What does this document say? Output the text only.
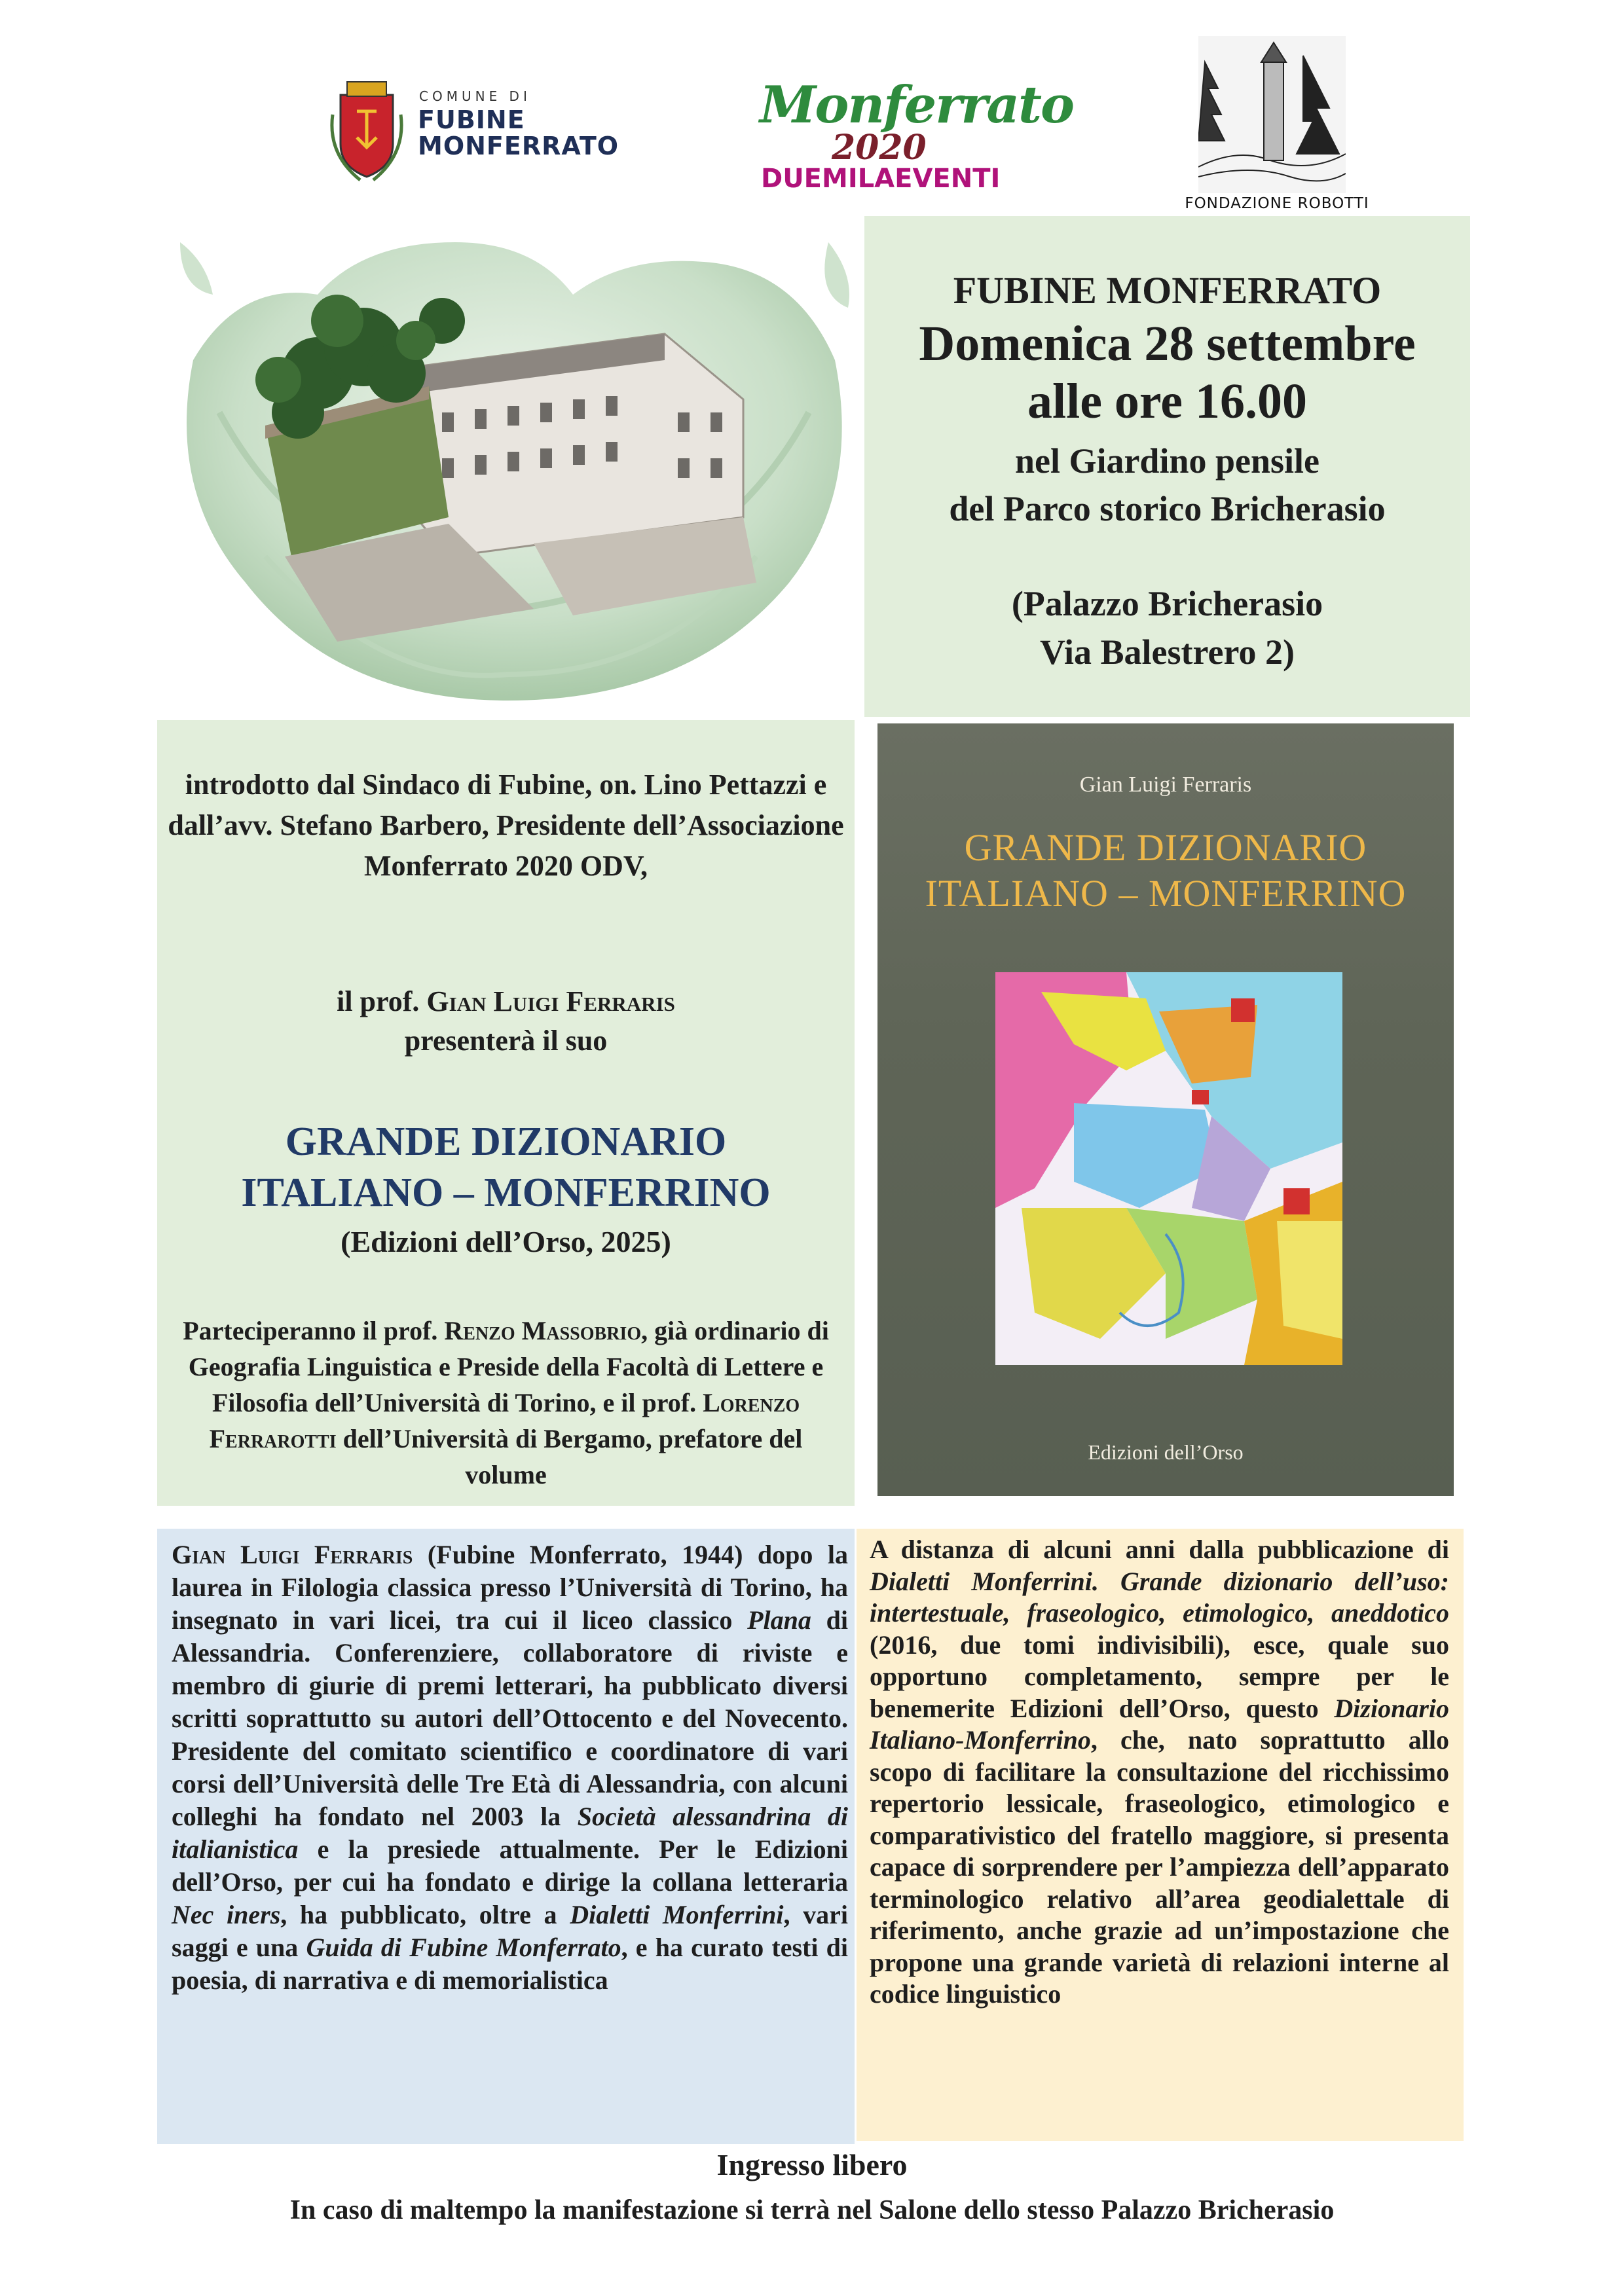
COMUNE DI
FUBINE
MONFERRATO
Monferrato
2020
DUEMILAEVENTI
FONDAZIONE ROBOTTI
FUBINE MONFERRATO
Domenica 28 settembre
alle ore 16.00
nel Giardino pensile
del Parco storico Bricherasio
(Palazzo Bricherasio
Via Balestrero 2)
introdotto dal Sindaco di Fubine, on. Lino Pettazzi e dall’avv. Stefano Barbero, Presidente dell’Associazione Monferrato 2020 ODV,
il prof. Gian Luigi Ferraris
presenterà il suo
GRANDE DIZIONARIO
ITALIANO – MONFERRINO
(Edizioni dell’Orso, 2025)
Parteciperanno il prof. Renzo Massobrio, già ordinario di Geografia Linguistica e Preside della Facoltà di Lettere e Filosofia dell’Università di Torino, e il prof. Lorenzo Ferrarotti dell’Università di Bergamo, prefatore del volume
Gian Luigi Ferraris
GRANDE DIZIONARIO
ITALIANO – MONFERRINO
Edizioni dell’Orso
Gian Luigi Ferraris (Fubine Monferrato, 1944) dopo la laurea in Filologia classica presso l’Università di Torino, ha insegnato in vari licei, tra cui il liceo classico Plana di Alessandria. Conferenziere, collaboratore di riviste e membro di giurie di premi letterari, ha pubblicato diversi scritti soprattutto su autori dell’Ottocento e del Novecento. Presidente del comitato scientifico e coordinatore di vari corsi dell’Università delle Tre Età di Alessandria, con alcuni colleghi ha fondato nel 2003 la Società alessandrina di italianistica e la presiede attualmente. Per le Edizioni dell’Orso, per cui ha fondato e dirige la collana letteraria Nec iners, ha pubblicato, oltre a Dialetti Monferrini, vari saggi e una Guida di Fubine Monferrato, e ha curato testi di poesia, di narrativa e di memorialistica
A distanza di alcuni anni dalla pubblicazione di Dialetti Monferrini. Grande dizionario dell’uso: intertestuale, fraseologico, etimologico, aneddotico (2016, due tomi indivisibili), esce, quale suo opportuno completamento, sempre per le benemerite Edizioni dell’Orso, questo Dizionario Italiano-Monferrino, che, nato soprattutto allo scopo di facilitare la consultazione del ricchissimo repertorio lessicale, fraseologico, etimologico e comparativistico del fratello maggiore, si presenta capace di sorprendere per l’ampiezza dell’apparato terminologico relativo all’area geodialettale di riferimento, anche grazie ad un’impostazione che propone una grande varietà di relazioni interne al codice linguistico
Ingresso libero
In caso di maltempo la manifestazione si terrà nel Salone dello stesso Palazzo Bricherasio
